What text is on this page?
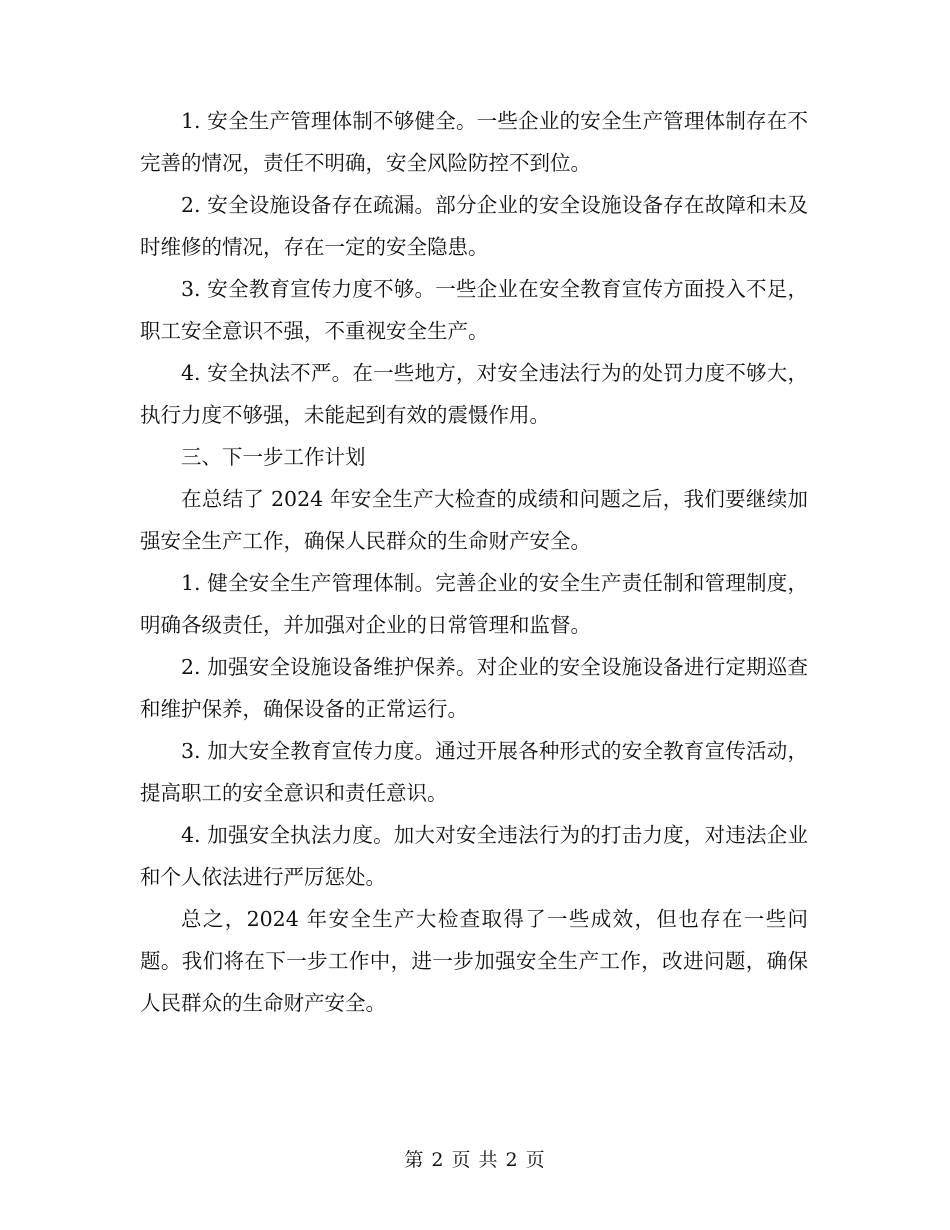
1. 安全生产管理体制不够健全。一些企业的安全生产管理体制存在不完善的情况，责任不明确，安全风险防控不到位。

2. 安全设施设备存在疏漏。部分企业的安全设施设备存在故障和未及时维修的情况，存在一定的安全隐患。

3. 安全教育宣传力度不够。一些企业在安全教育宣传方面投入不足，职工安全意识不强，不重视安全生产。

4. 安全执法不严。在一些地方，对安全违法行为的处罚力度不够大，执行力度不够强，未能起到有效的震慑作用。

三、下一步工作计划

在总结了 2024 年安全生产大检查的成绩和问题之后，我们要继续加强安全生产工作，确保人民群众的生命财产安全。

1. 健全安全生产管理体制。完善企业的安全生产责任制和管理制度，明确各级责任，并加强对企业的日常管理和监督。

2. 加强安全设施设备维护保养。对企业的安全设施设备进行定期巡查和维护保养，确保设备的正常运行。

3. 加大安全教育宣传力度。通过开展各种形式的安全教育宣传活动，提高职工的安全意识和责任意识。

4. 加强安全执法力度。加大对安全违法行为的打击力度，对违法企业和个人依法进行严厉惩处。

总之，2024 年安全生产大检查取得了一些成效，但也存在一些问题。我们将在下一步工作中，进一步加强安全生产工作，改进问题，确保人民群众的生命财产安全。

第 2 页 共 2 页
